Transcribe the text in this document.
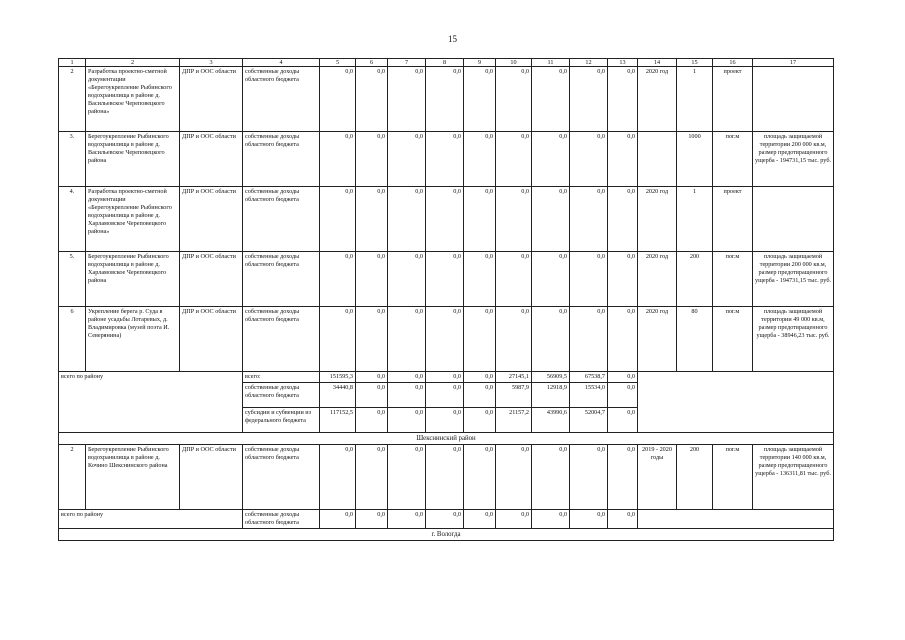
15
1	2	3	4	5	6	7	8	9	10	11	12	13	14	15	16	17
2	Разработка проектно-сметной документации «Берегоукрепление Рыбинского водохранилища в районе д. Васильевское Череповецкого района»	ДПР и ООС области	собственные доходы областного бюджета	0,0	0,0	0,0	0,0	0,0	0,0	0,0	0,0	0,0	2020 год	1	проект	
3.	Берегоукрепление Рыбинского водохранилища в районе д. Васильевское Череповецкого района	ДПР и ООС области	собственные доходы областного бюджета	0,0	0,0	0,0	0,0	0,0	0,0	0,0	0,0	0,0		1000	пог.м	площадь защищаемой территории 200 000 кв.м, размер предотвращенного ущерба - 194731,15 тыс. руб.
4.	Разработка проектно-сметной документации «Берегоукрепление Рыбинского водохранилища в районе д. Харламовское Череповецкого района»	ДПР и ООС области	собственные доходы областного бюджета	0,0	0,0	0,0	0,0	0,0	0,0	0,0	0,0	0,0	2020 год	1	проект	
5.	Берегоукрепление Рыбинского водохранилища в районе д. Харламовское Череповецкого района	ДПР и ООС области	собственные доходы областного бюджета	0,0	0,0	0,0	0,0	0,0	0,0	0,0	0,0	0,0	2020 год	200	пог.м	площадь защищаемой территории 200 000 кв.м, размер предотвращенного ущерба - 194731,15 тыс. руб.
6	Укрепление берега р. Суда в районе усадьбы Лотаревых, д. Владимировка (музей поэта И. Северянина)	ДПР и ООС области	собственные доходы областного бюджета	0,0	0,0	0,0	0,0	0,0	0,0	0,0	0,0	0,0	2020 год	80	пог.м	площадь защищаемой территории 49 000 кв.м, размер предотвращенного ущерба - 38946,23 тыс. руб.
всего по району			всего:	151595,3	0,0	0,0	0,0	0,0	27145,1	56909,5	67538,7	0,0				
			собственные доходы областного бюджета	34440,8	0,0	0,0	0,0	0,0	5987,9	12918,9	15534,0	0,0				
			субсидии и субвенции из федерального бюджета	117152,5	0,0	0,0	0,0	0,0	21157,2	43990,6	52004,7	0,0				
Шекснинский район																
2	Берегоукрепление Рыбинского водохранилища в районе д. Кочино Шекснинского района	ДПР и ООС области	собственные доходы областного бюджета	0,0	0,0	0,0	0,0	0,0	0,0	0,0	0,0	0,0	2019 - 2020 годы	200	пог.м	площадь защищаемой территории 140 000 кв.м, размер предотвращенного ущерба - 136311,81 тыс. руб.
всего по району			собственные доходы областного бюджета	0,0	0,0	0,0	0,0	0,0	0,0	0,0	0,0	0,0				
г. Вологда																
